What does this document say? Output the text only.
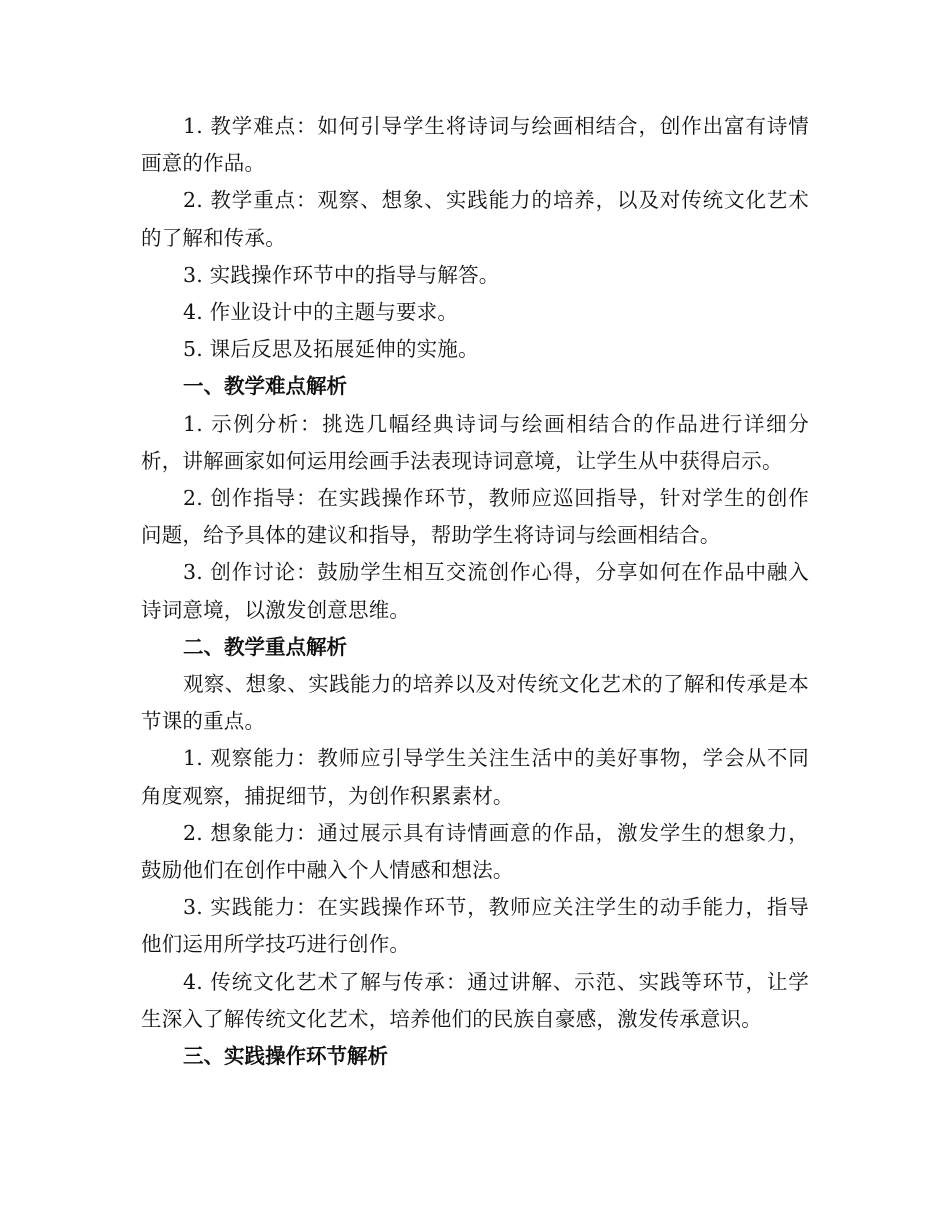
1. 教学难点：如何引导学生将诗词与绘画相结合，创作出富有诗情画意的作品。

2. 教学重点：观察、想象、实践能力的培养，以及对传统文化艺术的了解和传承。

3. 实践操作环节中的指导与解答。

4. 作业设计中的主题与要求。

5. 课后反思及拓展延伸的实施。

一、教学难点解析

1. 示例分析：挑选几幅经典诗词与绘画相结合的作品进行详细分析，讲解画家如何运用绘画手法表现诗词意境，让学生从中获得启示。

2. 创作指导：在实践操作环节，教师应巡回指导，针对学生的创作问题，给予具体的建议和指导，帮助学生将诗词与绘画相结合。

3. 创作讨论：鼓励学生相互交流创作心得，分享如何在作品中融入诗词意境，以激发创意思维。

二、教学重点解析

观察、想象、实践能力的培养以及对传统文化艺术的了解和传承是本节课的重点。

1. 观察能力：教师应引导学生关注生活中的美好事物，学会从不同角度观察，捕捉细节，为创作积累素材。

2. 想象能力：通过展示具有诗情画意的作品，激发学生的想象力，鼓励他们在创作中融入个人情感和想法。

3. 实践能力：在实践操作环节，教师应关注学生的动手能力，指导他们运用所学技巧进行创作。

4. 传统文化艺术了解与传承：通过讲解、示范、实践等环节，让学生深入了解传统文化艺术，培养他们的民族自豪感，激发传承意识。

三、实践操作环节解析
